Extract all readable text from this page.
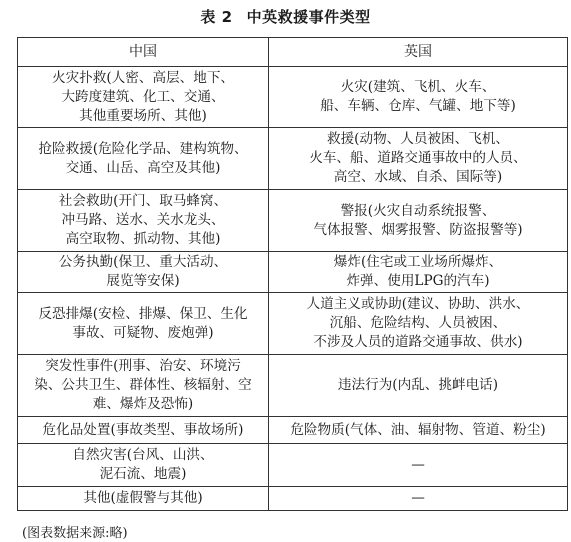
表 2 中英救援事件类型
中国	英国
火灾扑救(人密、高层、地下、
大跨度建筑、化工、交通、
其他重要场所、其他)	火灾(建筑、飞机、火车、
船、车辆、仓库、气罐、地下等)
抢险救援(危险化学品、建构筑物、
交通、山岳、高空及其他)	救援(动物、人员被困、飞机、
火车、船、道路交通事故中的人员、
高空、水域、自杀、国际等)
社会救助(开门、取马蜂窝、
冲马路、送水、关水龙头、
高空取物、抓动物、其他)	警报(火灾自动系统报警、
气体报警、烟雾报警、防盗报警等)
公务执勤(保卫、重大活动、
展览等安保)	爆炸(住宅或工业场所爆炸、
炸弹、使用LPG的汽车)
反恐排爆(安检、排爆、保卫、生化
事故、可疑物、废炮弹)	人道主义或协助(建议、协助、洪水、
沉船、危险结构、人员被困、
不涉及人员的道路交通事故、供水)
突发性事件(刑事、治安、环境污
染、公共卫生、群体性、核辐射、空
难、爆炸及恐怖)	违法行为(内乱、挑衅电话)
危化品处置(事故类型、事故场所)	危险物质(气体、油、辐射物、管道、粉尘)
自然灾害(台风、山洪、
泥石流、地震)	—
其他(虚假警与其他)	—
(图表数据来源:略)
